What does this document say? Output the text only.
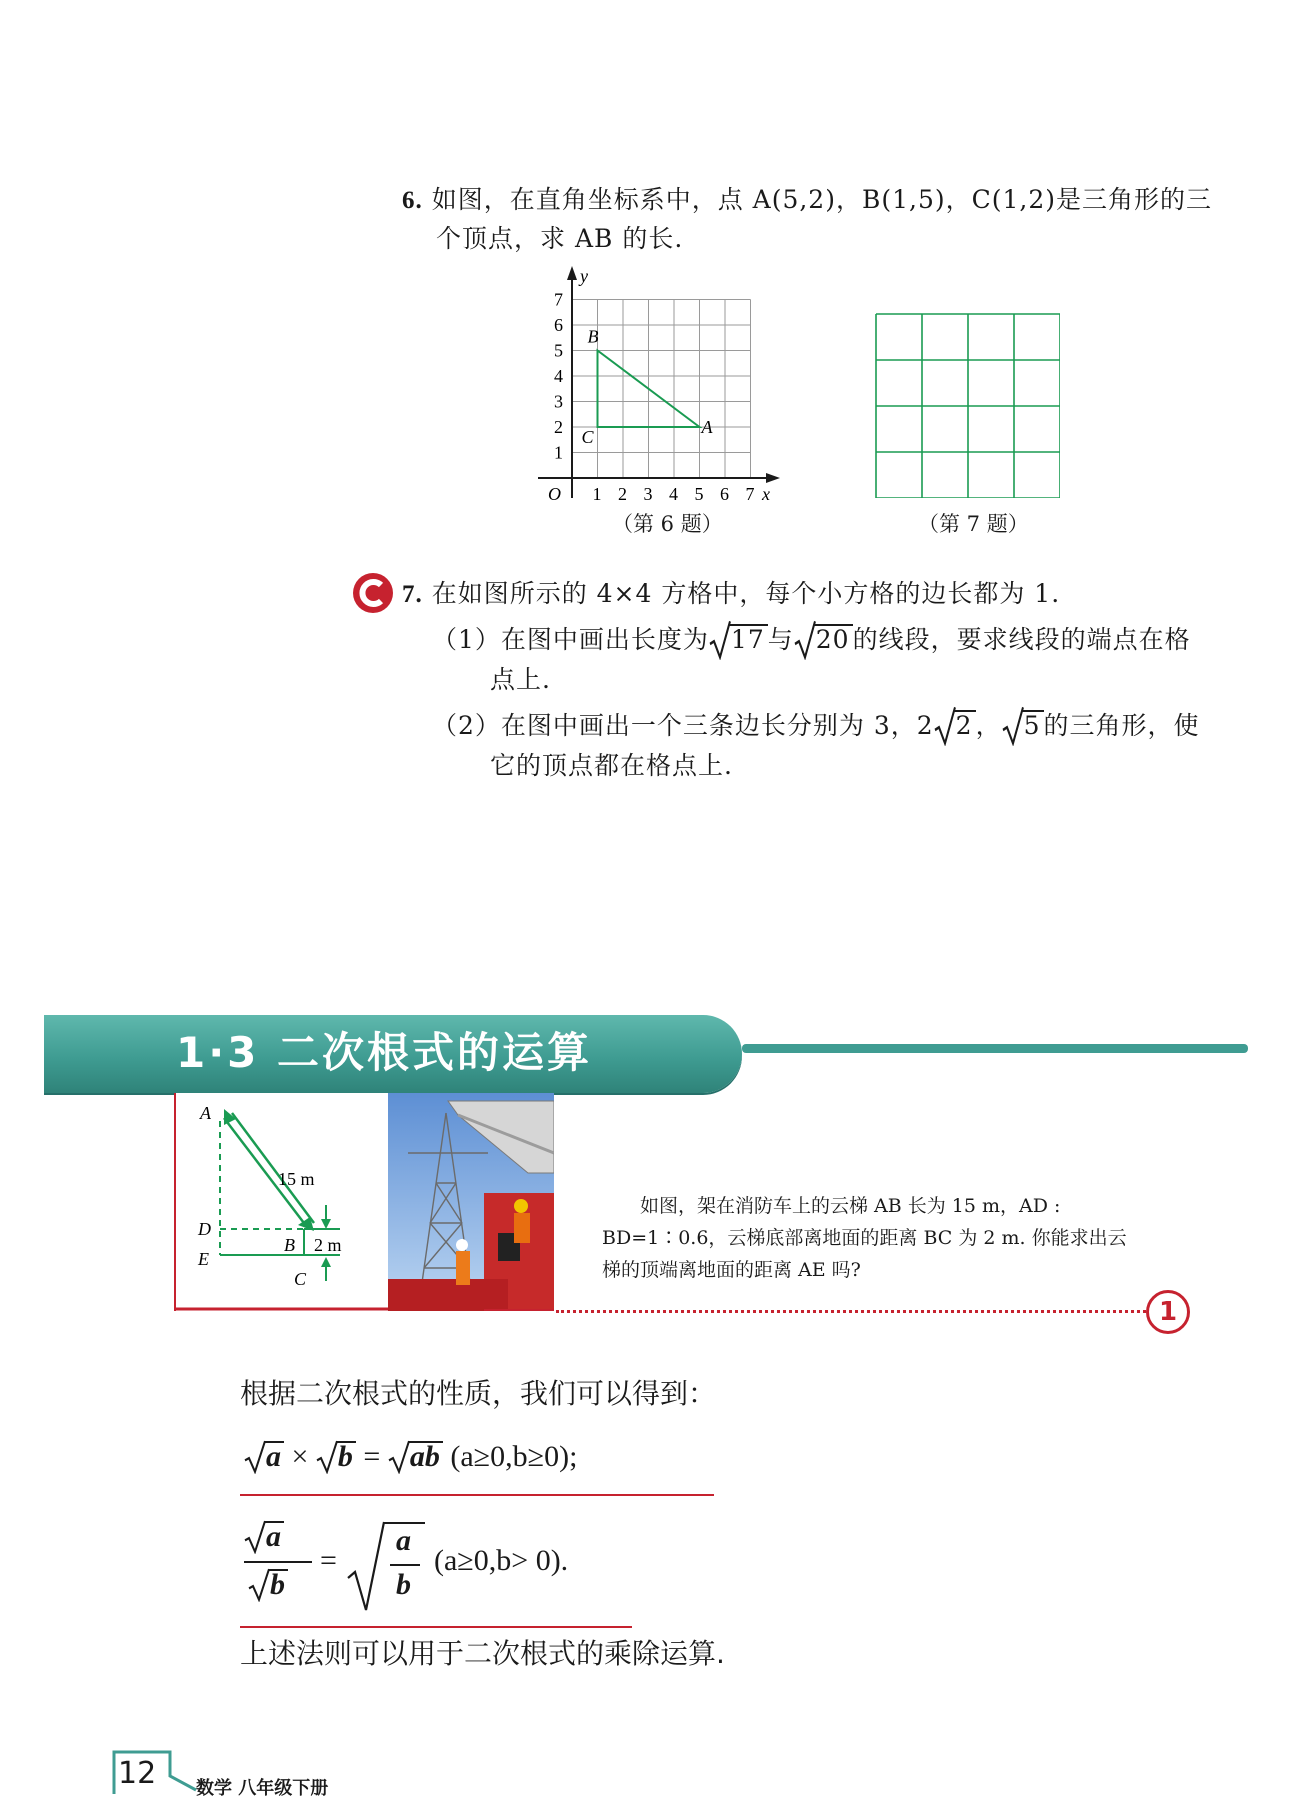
6. 如图，在直角坐标系中，点 A(5,2)，B(1,5)，C(1,2)是三角形的三
个顶点，求 AB 的长.
y
x
O 1 2 3 4 5 6 7
1
2
3
4
5
6
7
A
B
C
（第 6 题）	（第 7 题）
7. 在如图所示的 4×4 方格中，每个小方格的边长都为 1.
（1）在图中画出长度为 17 与 20 的线段，要求线段的端点在格
点上.
（2）在图中画出一个三条边长分别为 3，2 2 ， 5 的三角形，使
它的顶点都在格点上.
1·3 二次根式的运算
A
D
E
B
C
15 m
2 m
如图，架在消防车上的云梯 AB 长为 15 m，AD : BD=1∶0.6，云梯底部离地面的距离 BC 为 2 m. 你能求出云梯的顶端离地面的距离 AE 吗?
1
根据二次根式的性质，我们可以得到：
a × b = ab (a≥0,b≥0);
a
b
=
a
b
(a≥0,b> 0).
上述法则可以用于二次根式的乘除运算.
12 数学 八年级下册
